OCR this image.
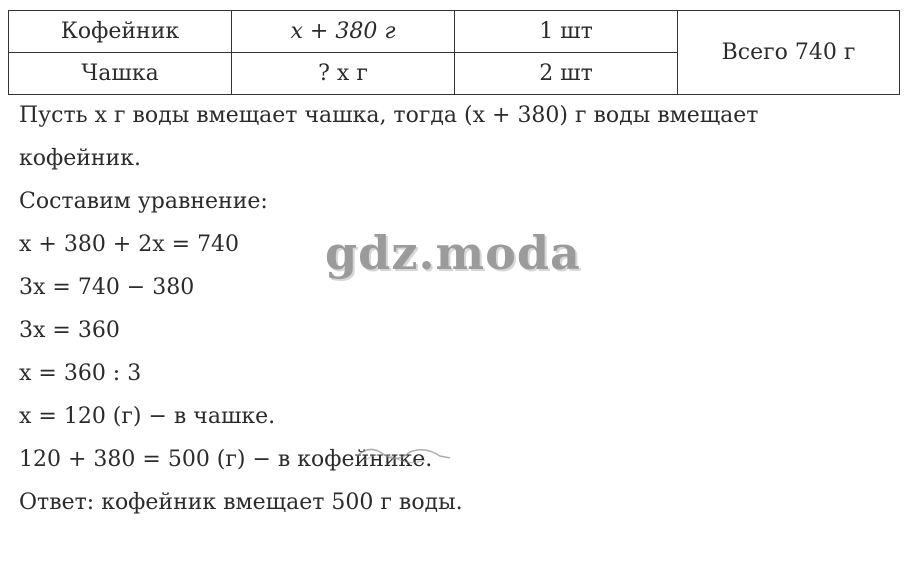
Кофейник	x + 380 г	1 шт	Всего 740 г
Чашка	? x г	2 шт	
Пусть x г воды вмещает чашка, тогда (x + 380) г воды вмещает
кофейник.
Составим уравнение:
x + 380 + 2x = 740
3x = 740 − 380
3x = 360
x = 360 : 3
x = 120 (г) − в чашке.
120 + 380 = 500 (г) − в кофейнике.
Ответ: кофейник вмещает 500 г воды.
gdz.moda
